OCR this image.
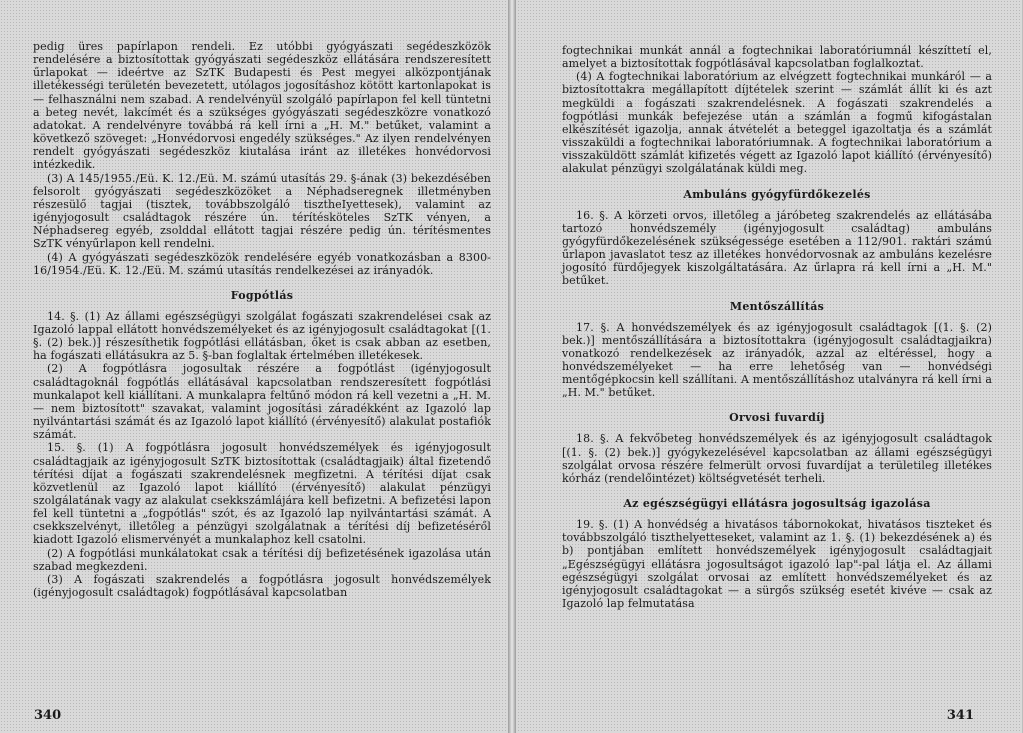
pedig üres papírlapon rendeli. Ez utóbbi gyógyászati segédeszközök rendelésére a biztosítottak gyógyászati segédeszköz ellátására rendszeresített űrlapokat — ideértve az SzTK Budapesti és Pest megyei alközpontjának illetékességi területén bevezetett, utólagos jogosításhoz kötött kartonlapokat is — felhasználni nem szabad. A rendelvényül szolgáló papírlapon fel kell tüntetni a beteg nevét, lakcímét és a szükséges gyógyászati segédeszközre vonatkozó adatokat. A rendelvényre továbbá rá kell írni a „H. M." betűket, valamint a következő szöveget: „Honvédorvosi engedély szükséges." Az ilyen rendelvényen rendelt gyógyászati segédeszköz kiutalása iránt az illetékes honvédorvosi intézkedik.

(3) A 145/1955./Eü. K. 12./Eü. M. számú utasítás 29. §-ának (3) bekezdésében felsorolt gyógyászati segédeszközöket a Néphadseregnek illetményben részesülő tagjai (tisztek, továbbszolgáló tisztheIyettesek), valamint az igényjogosult családtagok részére ún. térítésköteles SzTK vényen, a Néphadsereg egyéb, zsolddal ellátott tagjai részére pedig ún. térítésmentes SzTK vényűrlapon kell rendelni.

(4) A gyógyászati segédeszközök rendelésére egyéb vonatkozásban a 8300-16/1954./Eü. K. 12./Eü. M. számú utasítás rendelkezései az irányadók.

Fogpótlás

14. §. (1) Az állami egészségügyi szolgálat fogászati szakrendelései csak az Igazoló lappal ellátott honvédszemélyeket és az igényjogosult családtagokat [(1. §. (2) bek.)] részesíthetik fogpótlási ellátásban, őket is csak abban az esetben, ha fogászati ellátásukra az 5. §-ban foglaltak értelmében illetékesek.

(2) A fogpótlásra jogosultak részére a fogpótlást (igényjogosult családtagoknál fogpótlás ellátásával kapcsolatban rendszeresített fogpótlási munkalapot kell kiállítani. A munkalapra feltűnő módon rá kell vezetni a „H. M. — nem biztosított" szavakat, valamint jogosítási záradékként az Igazoló lap nyilvántartási számát és az Igazoló lapot kiállító (érvényesítő) alakulat postafiók számát.

15. §. (1) A fogpótlásra jogosult honvédszemélyek és igényjogosult családtagjaik az igényjogosult SzTK biztosítottak (családtagjaik) által fizetendő térítési díjat a fogászati szakrendelésnek megfizetni. A térítési díjat csak közvetlenül az Igazoló lapot kiállító (érvényesítő) alakulat pénzügyi szolgálatának vagy az alakulat csekkszámlájára kell befizetni. A befizetési lapon fel kell tüntetni a „fogpótlás" szót, és az Igazoló lap nyilvántartási számát. A csekkszelvényt, illetőleg a pénzügyi szolgálatnak a térítési díj befizetéséről kiadott Igazoló elismervényét a munkalaphoz kell csatolni.

(2) A fogpótlási munkálatokat csak a térítési díj befizetésének igazolása után szabad megkezdeni.

(3) A fogászati szakrendelés a fogpótlásra jogosult honvédszemélyek (igényjogosult családtagok) fogpótlásával kapcsolatban

340

fogtechnikai munkát annál a fogtechnikai laboratóriumnál készíttetí el, amelyet a biztosítottak fogpótlásával kapcsolatban foglalkoztat.

(4) A fogtechnikai laboratórium az elvégzett fogtechnikai munkáról — a biztosítottakra megállapított díjtételek szerint — számlát állít ki és azt megküldi a fogászati szakrendelésnek. A fogászati szakrendelés a fogpótlási munkák befejezése után a számlán a fogmű kifogástalan elkészítését igazolja, annak átvételét a beteggel igazoltatja és a számlát visszaküldi a fogtechnikai laboratóriumnak. A fogtechnikai laboratórium a visszaküldött számlát kifizetés végett az Igazoló lapot kiállító (érvényesítő) alakulat pénzügyi szolgálatának küldi meg.

Ambuláns gyógyfürdőkezelés

16. §. A körzeti orvos, illetőleg a járóbeteg szakrendelés az ellátásába tartozó honvédszemély (igényjogosult családtag) ambuláns gyógyfürdőkezelésének szükségessége esetében a 112/901. raktári számú űrlapon javaslatot tesz az illetékes honvédorvosnak az ambuláns kezelésre jogosító fürdőjegyek kiszolgáltatására. Az űrlapra rá kell írni a „H. M." betűket.

Mentőszállítás

17. §. A honvédszemélyek és az igényjogosult családtagok [(1. §. (2) bek.)] mentőszállítására a biztosítottakra (igényjogosult családtagjaikra) vonatkozó rendelkezések az irányadók, azzal az eltéréssel, hogy a honvédszemélyeket — ha erre lehetőség van — honvédségi mentőgépkocsin kell szállítani. A mentőszállításhoz utalványra rá kell írni a „H. M." betűket.

Orvosi fuvardíj

18. §. A fekvőbeteg honvédszemélyek és az igényjogosult családtagok [(1. §. (2) bek.)] gyógykezelésével kapcsolatban az állami egészségügyi szolgálat orvosa részére felmerült orvosi fuvardíjat a területileg illetékes kórház (rendelőintézet) költségvetését terheli.

Az egészségügyi ellátásra jogosultság igazolása

19. §. (1) A honvédség a hivatásos tábornokokat, hivatásos tiszteket és továbbszolgáló tiszthelyetteseket, valamint az 1. §. (1) bekezdésének a) és b) pontjában említett honvédszemélyek igényjogosult családtagjait „Egészségügyi ellátásra jogosultságot igazoló lap"-pal látja el. Az állami egészségügyi szolgálat orvosai az említett honvédszemélyeket és az igényjogosult családtagokat — a sürgős szükség esetét kivéve — csak az Igazoló lap felmutatása

341
